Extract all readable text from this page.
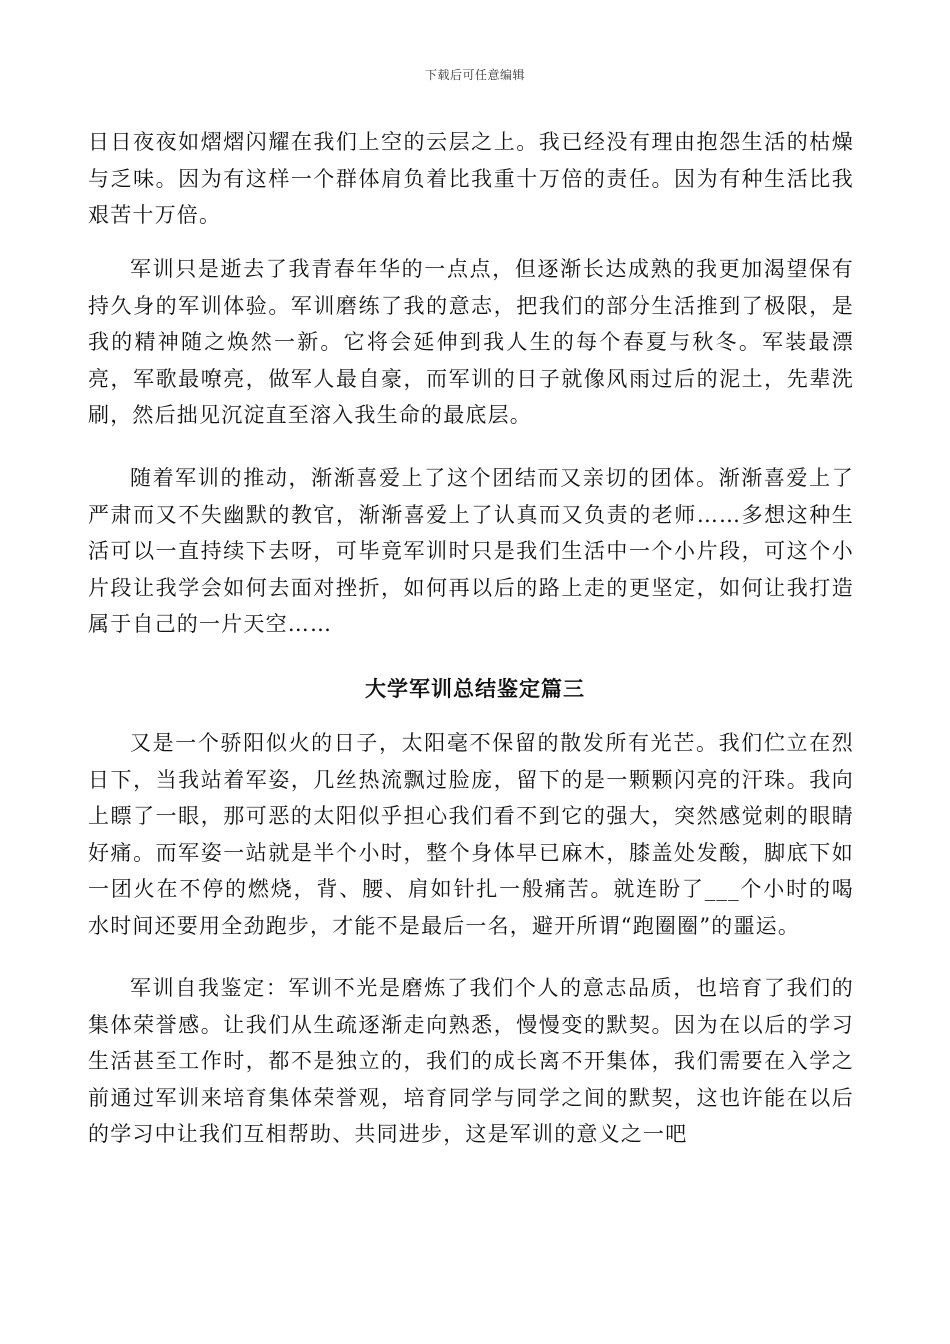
下载后可任意编辑

日日夜夜如熠熠闪耀在我们上空的云层之上。我已经没有理由抱怨生活的枯燥与乏味。因为有这样一个群体肩负着比我重十万倍的责任。因为有种生活比我艰苦十万倍。

军训只是逝去了我青春年华的一点点，但逐渐长达成熟的我更加渴望保有持久身的军训体验。军训磨练了我的意志，把我们的部分生活推到了极限，是我的精神随之焕然一新。它将会延伸到我人生的每个春夏与秋冬。军装最漂亮，军歌最嘹亮，做军人最自豪，而军训的日子就像风雨过后的泥土，先辈洗刷，然后拙见沉淀直至溶入我生命的最底层。

随着军训的推动，渐渐喜爱上了这个团结而又亲切的团体。渐渐喜爱上了严肃而又不失幽默的教官，渐渐喜爱上了认真而又负责的老师……多想这种生活可以一直持续下去呀，可毕竟军训时只是我们生活中一个小片段，可这个小片段让我学会如何去面对挫折，如何再以后的路上走的更坚定，如何让我打造属于自己的一片天空……

大学军训总结鉴定篇三

又是一个骄阳似火的日子，太阳毫不保留的散发所有光芒。我们伫立在烈日下，当我站着军姿，几丝热流飘过脸庞，留下的是一颗颗闪亮的汗珠。我向上瞟了一眼，那可恶的太阳似乎担心我们看不到它的强大，突然感觉刺的眼睛好痛。而军姿一站就是半个小时，整个身体早已麻木，膝盖处发酸，脚底下如一团火在不停的燃烧，背、腰、肩如针扎一般痛苦。就连盼了___个小时的喝水时间还要用全劲跑步，才能不是最后一名，避开所谓“跑圈圈”的噩运。

军训自我鉴定：军训不光是磨炼了我们个人的意志品质，也培育了我们的集体荣誉感。让我们从生疏逐渐走向熟悉，慢慢变的默契。因为在以后的学习生活甚至工作时，都不是独立的，我们的成长离不开集体，我们需要在入学之前通过军训来培育集体荣誉观，培育同学与同学之间的默契，这也许能在以后的学习中让我们互相帮助、共同进步，这是军训的意义之一吧
